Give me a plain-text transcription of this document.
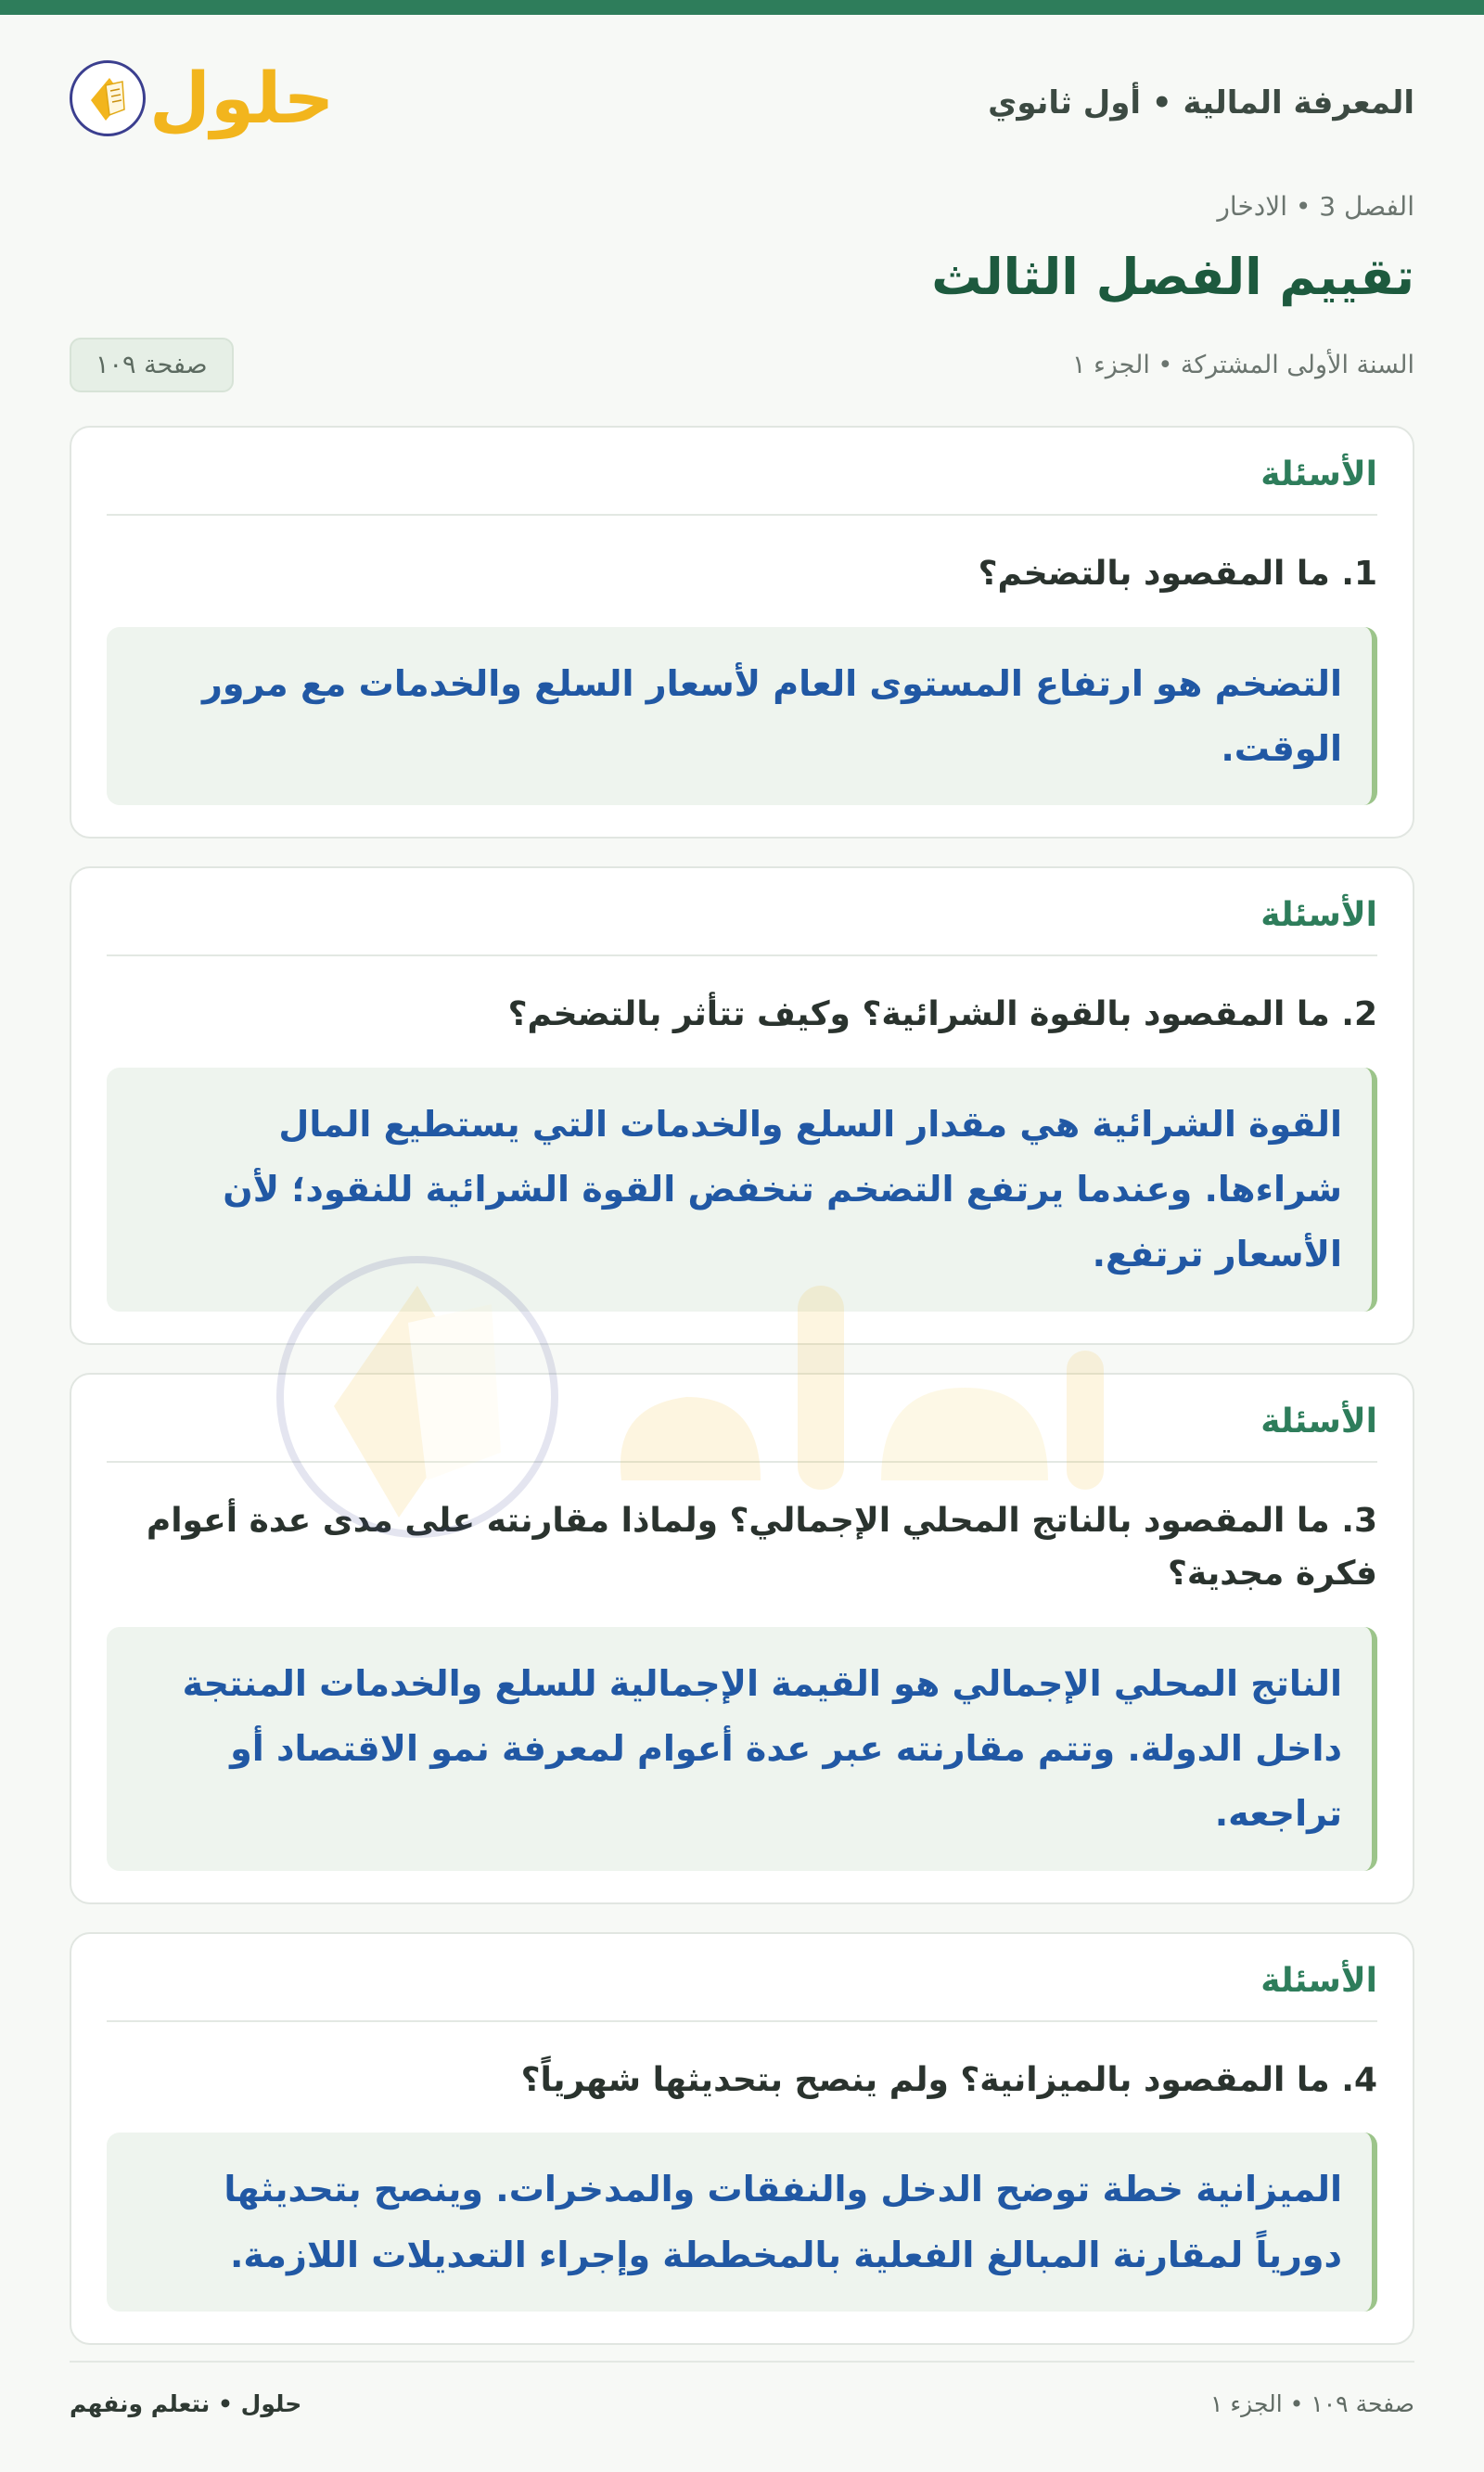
المعرفة المالية • أول ثانوي
حلول
الفصل 3 • الادخار
تقييم الفصل الثالث
السنة الأولى المشتركة • الجزء ١
صفحة ١٠٩
الأسئلة
1. ما المقصود بالتضخم؟
التضخم هو ارتفاع المستوى العام لأسعار السلع والخدمات مع مرور الوقت.
الأسئلة
2. ما المقصود بالقوة الشرائية؟ وكيف تتأثر بالتضخم؟
القوة الشرائية هي مقدار السلع والخدمات التي يستطيع المال شراءها. وعندما يرتفع التضخم تنخفض القوة الشرائية للنقود؛ لأن الأسعار ترتفع.
الأسئلة
3. ما المقصود بالناتج المحلي الإجمالي؟ ولماذا مقارنته على مدى عدة أعوام فكرة مجدية؟
الناتج المحلي الإجمالي هو القيمة الإجمالية للسلع والخدمات المنتجة داخل الدولة. وتتم مقارنته عبر عدة أعوام لمعرفة نمو الاقتصاد أو تراجعه.
الأسئلة
4. ما المقصود بالميزانية؟ ولم ينصح بتحديثها شهرياً؟
الميزانية خطة توضح الدخل والنفقات والمدخرات. وينصح بتحديثها دورياً لمقارنة المبالغ الفعلية بالمخططة وإجراء التعديلات اللازمة.
صفحة ١٠٩ • الجزء ١
حلول • نتعلم ونفهم
